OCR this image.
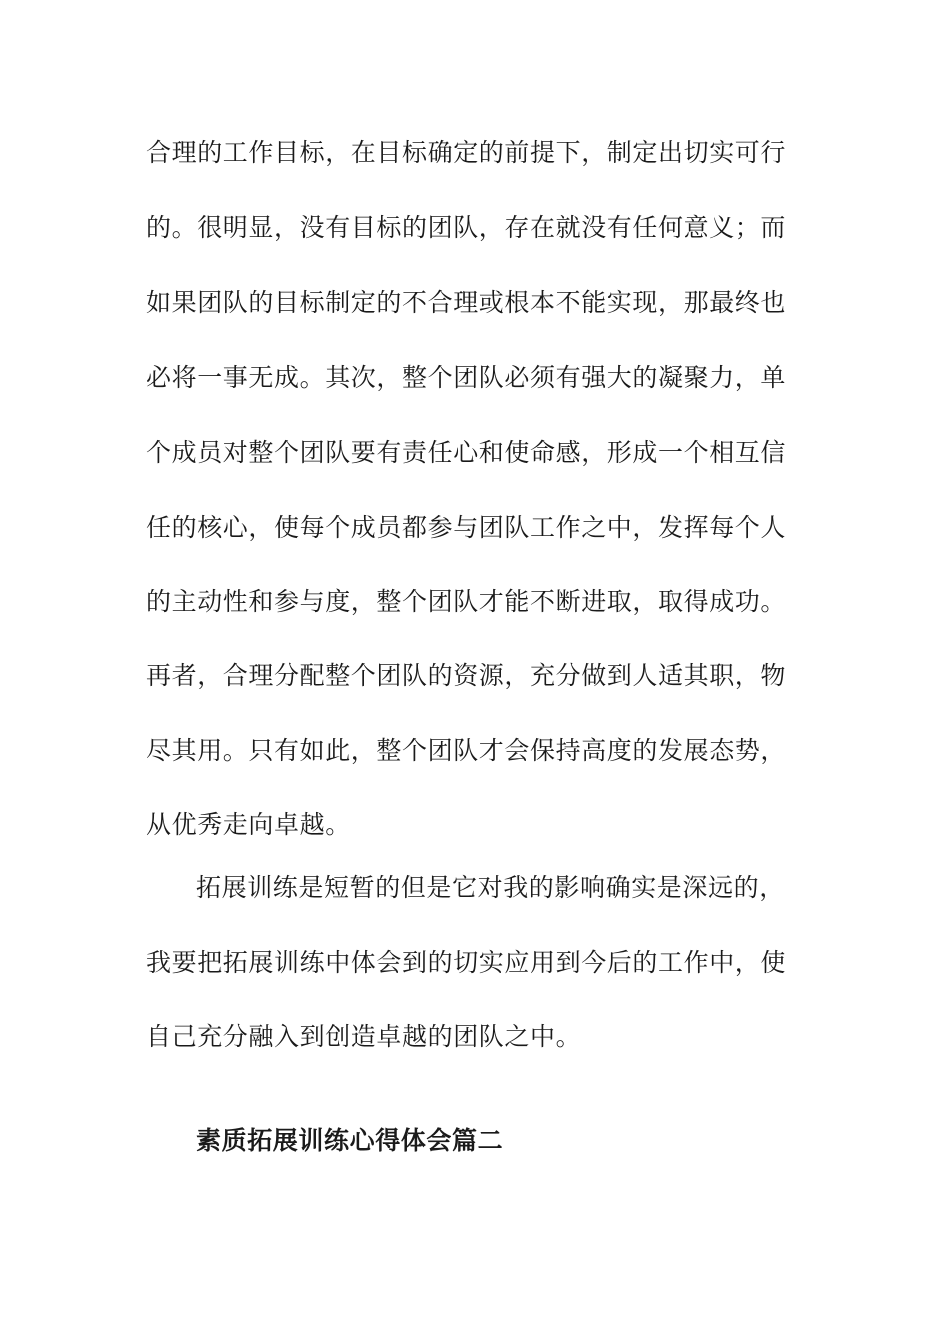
合理的工作目标，在目标确定的前提下，制定出切实可行
的。很明显，没有目标的团队，存在就没有任何意义；而
如果团队的目标制定的不合理或根本不能实现，那最终也
必将一事无成。其次，整个团队必须有强大的凝聚力，单
个成员对整个团队要有责任心和使命感，形成一个相互信
任的核心，使每个成员都参与团队工作之中，发挥每个人
的主动性和参与度，整个团队才能不断进取，取得成功。
再者，合理分配整个团队的资源，充分做到人适其职，物
尽其用。只有如此，整个团队才会保持高度的发展态势，
从优秀走向卓越。
拓展训练是短暂的但是它对我的影响确实是深远的，
我要把拓展训练中体会到的切实应用到今后的工作中，使
自己充分融入到创造卓越的团队之中。
素质拓展训练心得体会篇二
